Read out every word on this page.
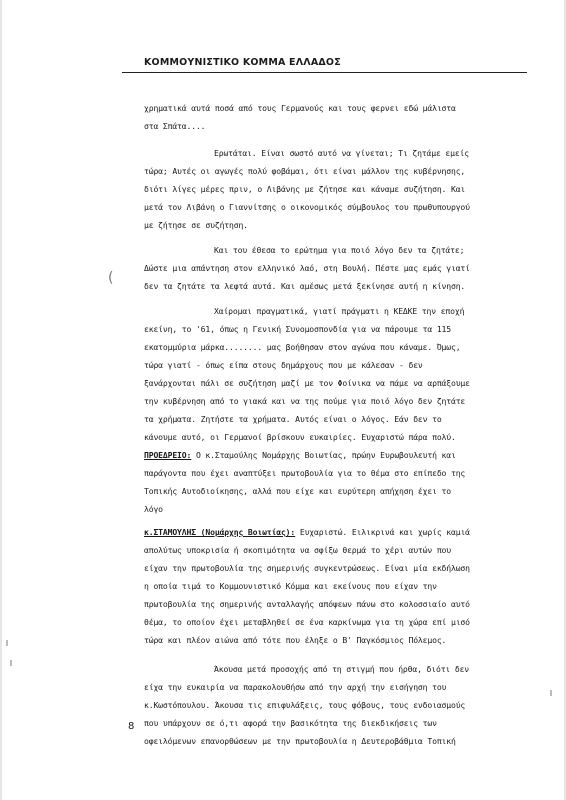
ΚΟΜΜΟΥΝΙΣΤΙΚΟ ΚΟΜΜΑ ΕΛΛΑΔΟΣ
χρηματικά αυτά ποσά από τους Γερμανούς και τους φερνει εδώ μάλιστα
στα Σπάτα....
Ερωτάται. Είναι σωστό αυτό να γίνεται; Τι ζητάμε εμείς
τώρα; Αυτές οι αγωγές πολύ φοβάμαι, ότι είναι μάλλον της κυβέρνησης,
διότι λίγες μέρες πριν, ο Λιβάνης με ζήτησε και κάναμε συζήτηση. Και
μετά τον Λιβάνη ο Γιαννίτσης ο οικονομικός σύμβουλος του πρωθυπουργού
με ζήτησε σε συζήτηση.
Και του έθεσα το ερώτημα για ποιό λόγο δεν τα ζητάτε;
Δώστε μια απάντηση στον ελληνικό λαό, στη Βουλή. Πέστε μας εμάς γιατί
δεν τα ζητάτε τα λεφτά αυτά. Και αμέσως μετά ξεκίνησε αυτή η κίνηση.
Χαίρομαι πραγματικά, γιατί πράγματι η ΚΕΔΚΕ την εποχή
εκείνη, το '61, όπως η Γενική Συνομοσπονδία για να πάρουμε τα 115
εκατομμύρια μάρκα........ μας βοήθησαν στον αγώνα που κάναμε. Όμως,
τώρα γιατί - όπως είπα στους δημάρχους που με κάλεσαν - δεν
ξανάρχονται πάλι σε συζήτηση μαζί με τον Φοίνικα να πάμε να αρπάξουμε
την κυβέρνηση από το γιακά και να της πούμε για ποιό λόγο δεν ζητάτε
τα χρήματα. Ζητήστε τα χρήματα. Αυτός είναι ο λόγος. Εάν δεν το
κάνουμε αυτό, οι Γερμανοί βρίσκουν ευκαιρίες. Ευχαριστώ πάρα πολύ.
ΠΡΟΕΔΡΕΙΟ: Ο κ.Σταμούλης Νομάρχης Βοιωτίας, πρώην Ευρωβουλευτή και
παράγοντα που έχει αναπτύξει πρωτοβουλία για το θέμα στο επίπεδο της
Τοπικής Αυτοδιοίκησης, αλλά που είχε και ευρύτερη απήχηση έχει το
λόγο
κ.ΣΤΑΜΟΥΛΗΣ (Νομάρχης Βοιωτίας): Ευχαριστώ. Ειλικρινά και χωρίς καμιά
απολύτως υποκρισία ή σκοπιμότητα να σφίξω θερμά το χέρι αυτών που
είχαν την πρωτοβουλία της σημερινής συγκεντρώσεως. Είναι μία εκδήλωση
η οποία τιμά το Κομμουνιστικό Κόμμα και εκείνους που είχαν την
πρωτοβουλία της σημερινής ανταλλαγής απόψεων πάνω στο κολοσσιαίο αυτό
θέμα, το οποίον έχει μεταβληθεί σε ένα καρκίνωμα για τη χώρα επί μισό
τώρα και πλέον αιώνα από τότε που έληξε ο Β' Παγκόσμιος Πόλεμος.
Άκουσα μετά προσοχής από τη στιγμή που ήρθα, διότι δεν
είχα την ευκαιρία να παρακολουθήσω από την αρχή την εισήγηση του
κ.Κωστόπουλου. Άκουσα τις επιφυλάξεις, τους φόβους, τους ενδοιασμούς
που υπάρχουν σε ό,τι αφορά την βασικότητα της διεκδικήσεις των
οφειλόμενων επανορθώσεων με την πρωτοβουλία η Δευτεροβάθμια Τοπική
8
(
